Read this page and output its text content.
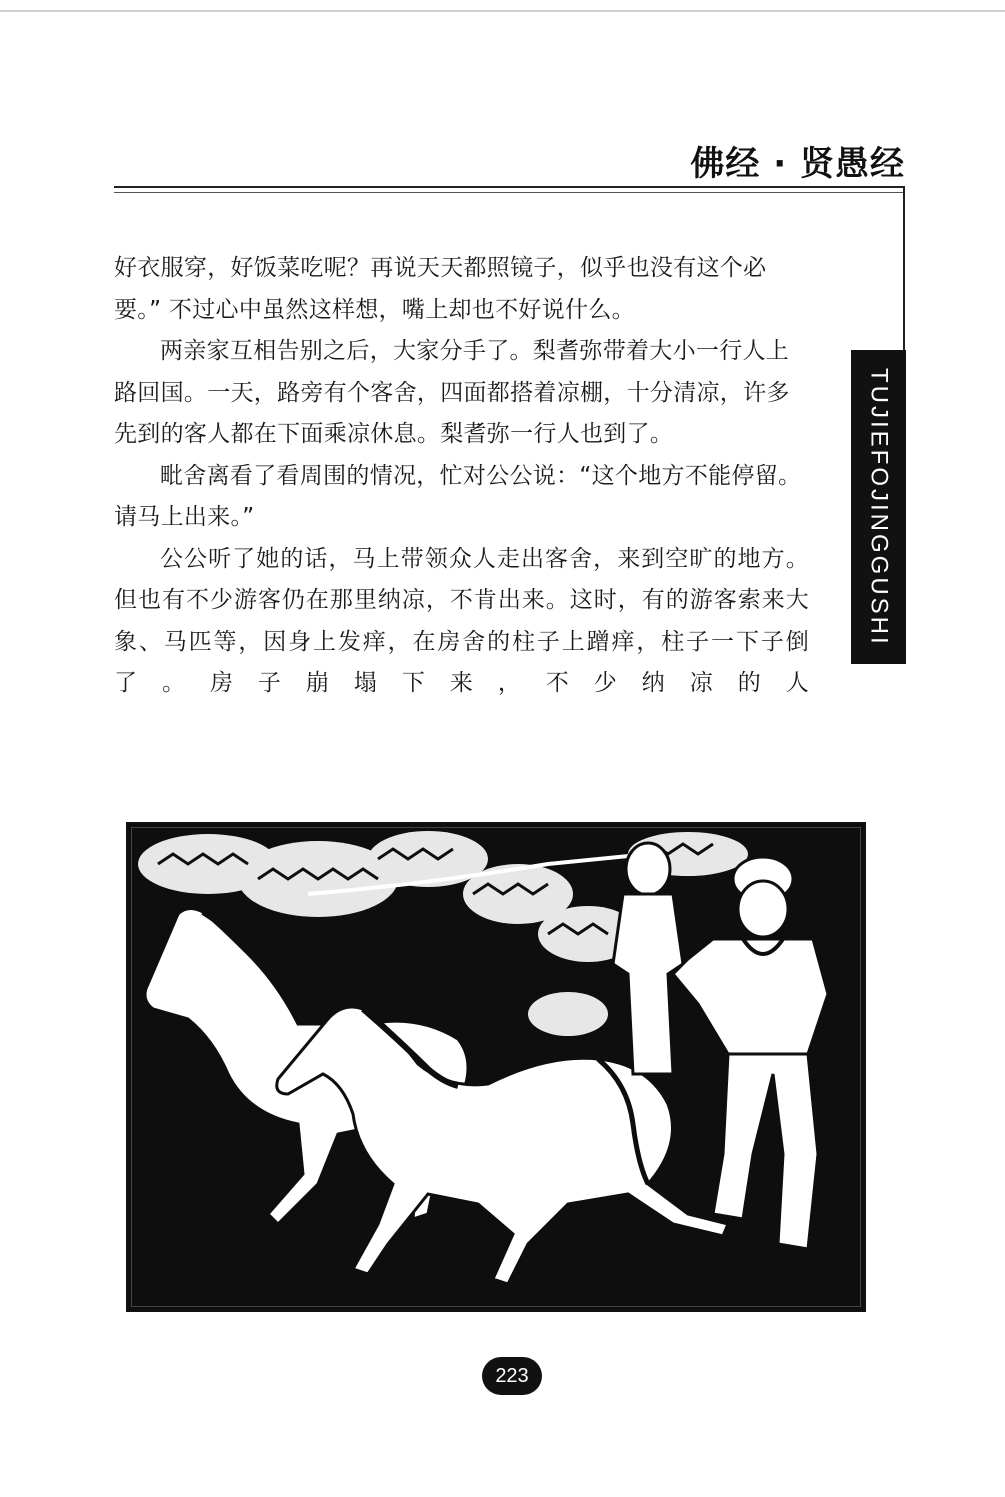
佛经 · 贤愚经
TUJIEFOJINGGUSHI

好衣服穿，好饭菜吃呢？再说天天都照镜子，似乎也没有这个必要。” 不过心中虽然这样想，嘴上却也不好说什么。

两亲家互相告别之后，大家分手了。梨耆弥带着大小一行人上路回国。一天，路旁有个客舍，四面都搭着凉棚，十分清凉，许多先到的客人都在下面乘凉休息。梨耆弥一行人也到了。

毗舍离看了看周围的情况，忙对公公说：“这个地方不能停留。请马上出来。”

公公听了她的话，马上带领众人走出客舍，来到空旷的地方。但也有不少游客仍在那里纳凉，不肯出来。这时，有的游客索来大象、马匹等，因身上发痒，在房舍的柱子上蹭痒，柱子一下子倒了。房子崩塌下来，不少纳凉的人

223
